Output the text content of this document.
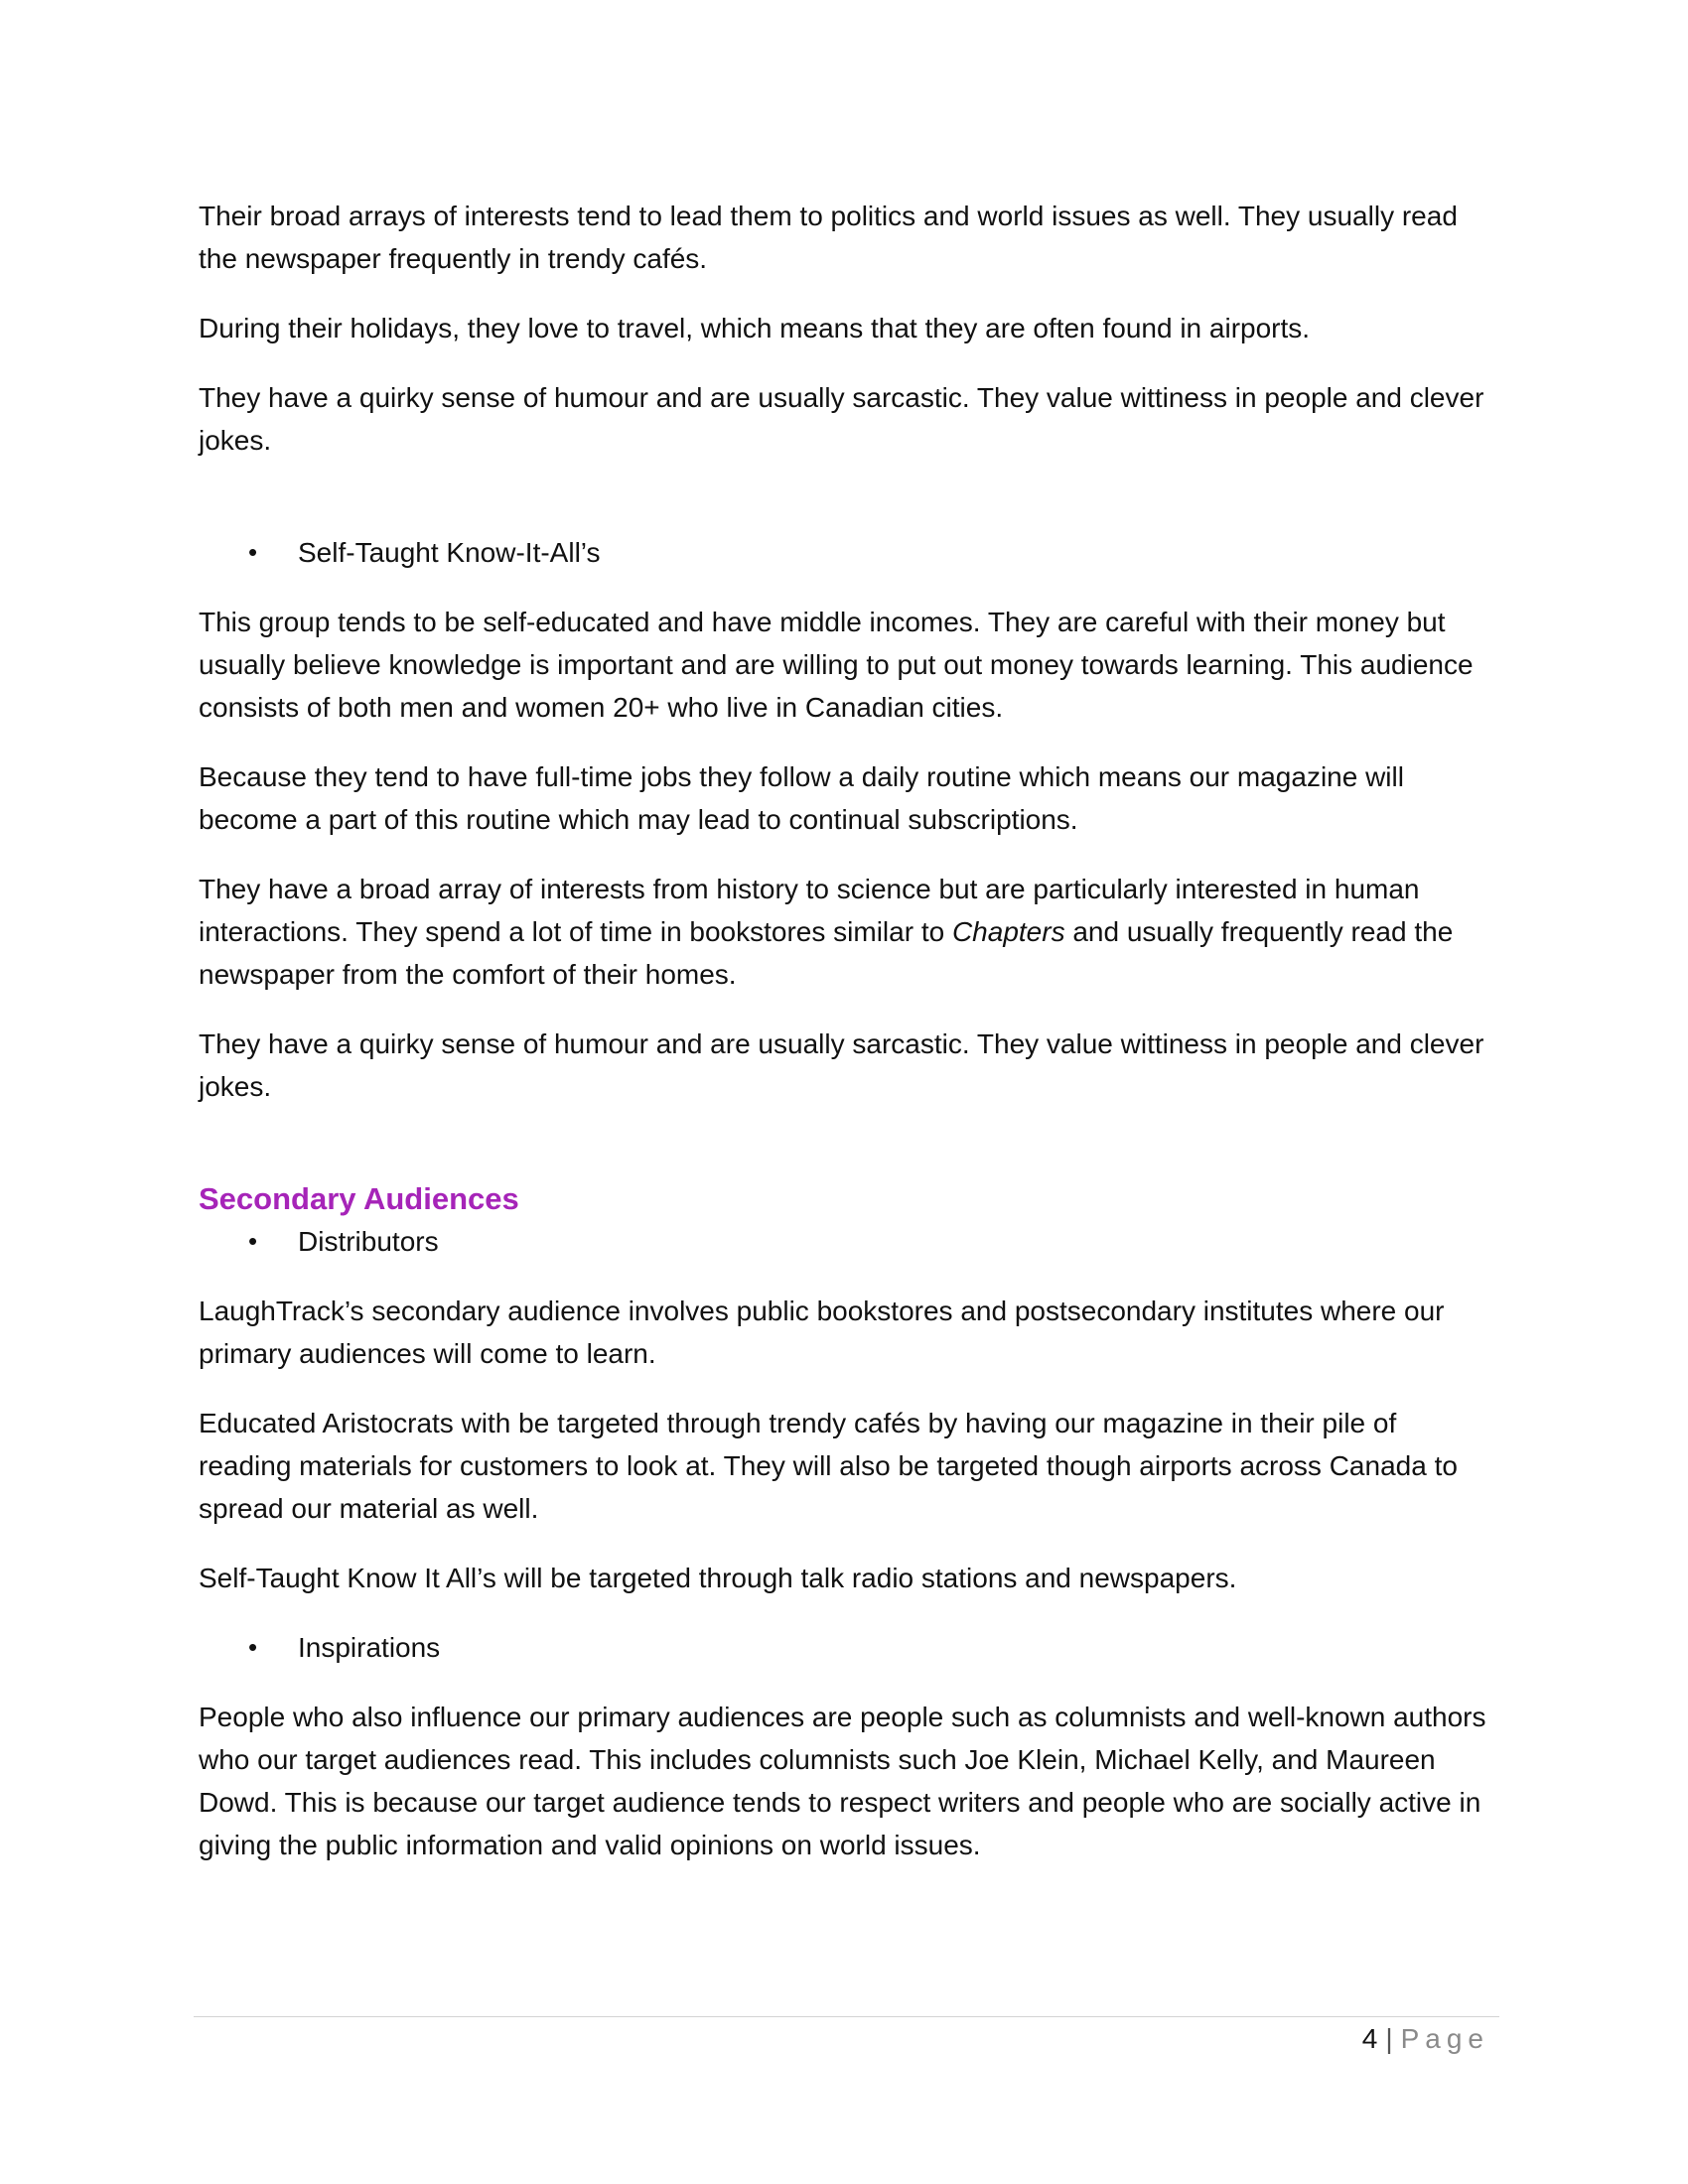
Their broad arrays of interests tend to lead them to politics and world issues as well. They usually read the newspaper frequently in trendy cafés.

During their holidays, they love to travel, which means that they are often found in airports.

They have a quirky sense of humour and are usually sarcastic. They value wittiness in people and clever jokes.

• Self-Taught Know-It-All’s

This group tends to be self-educated and have middle incomes. They are careful with their money but usually believe knowledge is important and are willing to put out money towards learning. This audience consists of both men and women 20+ who live in Canadian cities.

Because they tend to have full-time jobs they follow a daily routine which means our magazine will become a part of this routine which may lead to continual subscriptions.

They have a broad array of interests from history to science but are particularly interested in human interactions. They spend a lot of time in bookstores similar to Chapters and usually frequently read the newspaper from the comfort of their homes.

They have a quirky sense of humour and are usually sarcastic. They value wittiness in people and clever jokes.

Secondary Audiences
• Distributors

LaughTrack’s secondary audience involves public bookstores and postsecondary institutes where our primary audiences will come to learn.

Educated Aristocrats with be targeted through trendy cafés by having our magazine in their pile of reading materials for customers to look at. They will also be targeted though airports across Canada to spread our material as well.

Self-Taught Know It All’s will be targeted through talk radio stations and newspapers.

• Inspirations

People who also influence our primary audiences are people such as columnists and well-known authors who our target audiences read. This includes columnists such Joe Klein, Michael Kelly, and Maureen Dowd. This is because our target audience tends to respect writers and people who are socially active in giving the public information and valid opinions on world issues.

4 | Page
